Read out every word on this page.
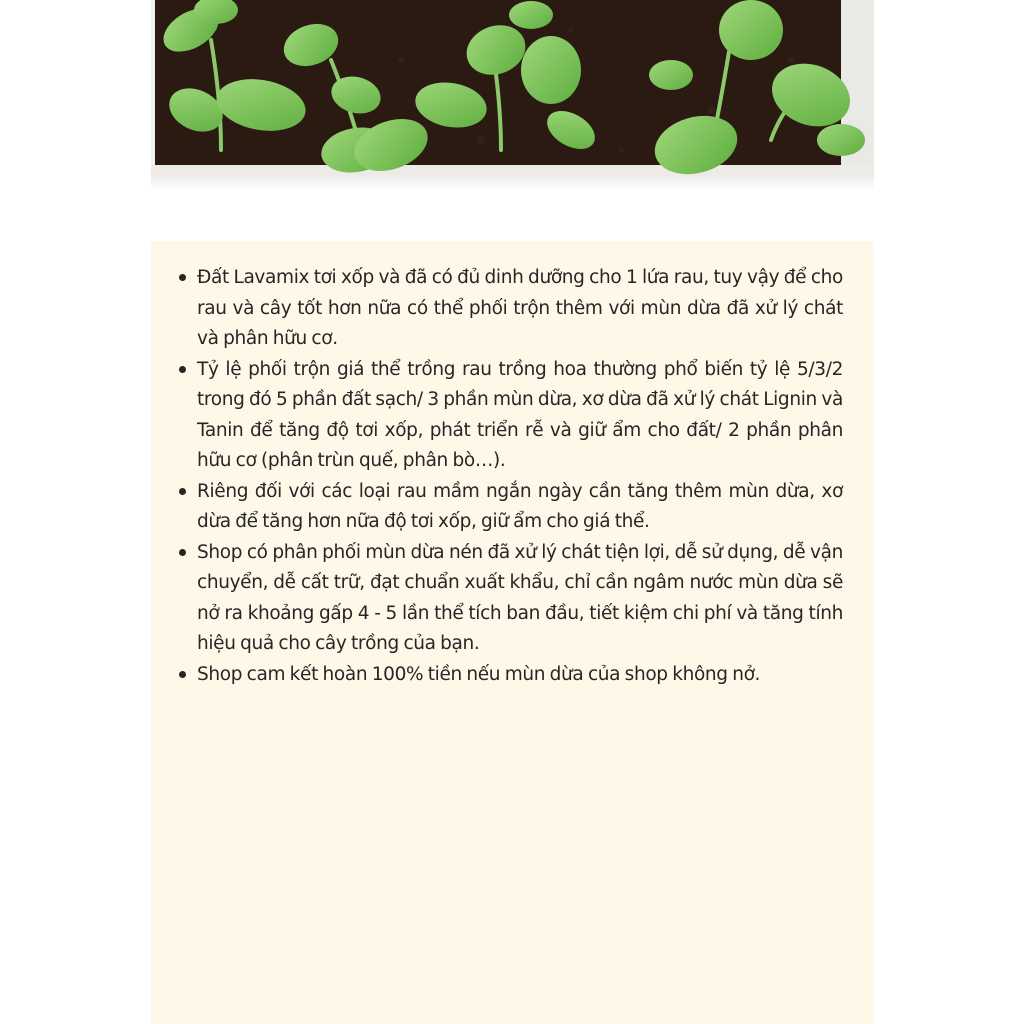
Đất Lavamix tơi xốp và đã có đủ dinh dưỡng cho 1 lứa rau, tuy vậy để cho rau và cây tốt hơn nữa có thể phối trộn thêm với mùn dừa đã xử lý chát và phân hữu cơ.
Tỷ lệ phối trộn giá thể trồng rau trồng hoa thường phổ biến tỷ lệ 5/3/2 trong đó 5 phần đất sạch/ 3 phần mùn dừa, xơ dừa đã xử lý chát Lignin và Tanin để tăng độ tơi xốp, phát triển rễ và giữ ẩm cho đất/ 2 phần phân hữu cơ (phân trùn quế, phân bò…).
Riêng đối với các loại rau mầm ngắn ngày cần tăng thêm mùn dừa, xơ dừa để tăng hơn nữa độ tơi xốp, giữ ẩm cho giá thể.
Shop có phân phối mùn dừa nén đã xử lý chát tiện lợi, dễ sử dụng, dễ vận chuyển, dễ cất trữ, đạt chuẩn xuất khẩu, chỉ cần ngâm nước mùn dừa sẽ nở ra khoảng gấp 4 - 5 lần thể tích ban đầu, tiết kiệm chi phí và tăng tính hiệu quả cho cây trồng của bạn.
Shop cam kết hoàn 100% tiền nếu mùn dừa của shop không nở.
